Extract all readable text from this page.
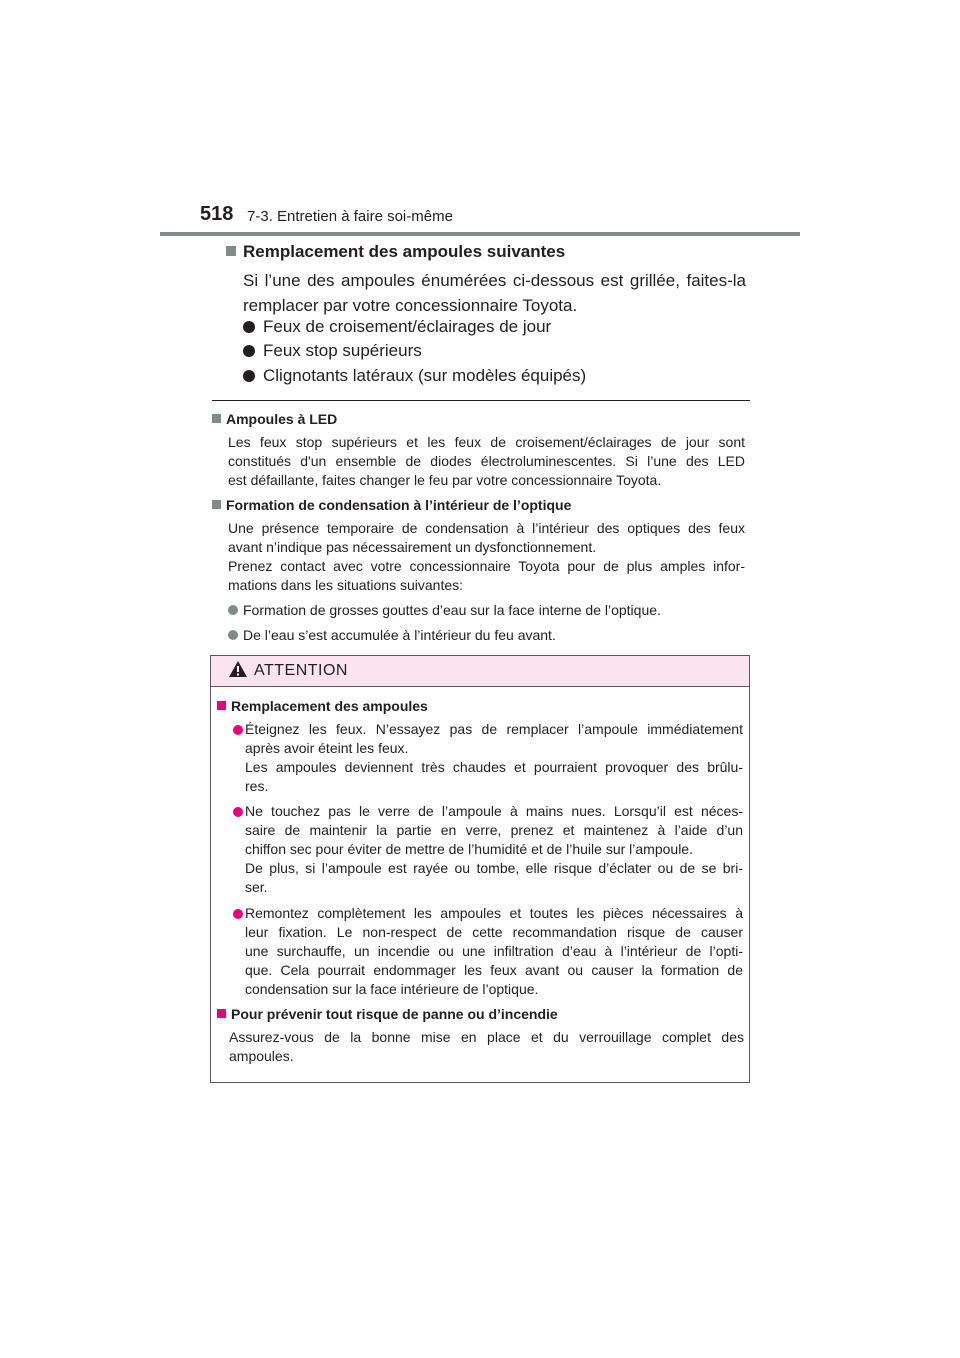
518 7-3. Entretien à faire soi-même
Remplacement des ampoules suivantes
Si l’une des ampoules énumérées ci-dessous est grillée, faites-la
remplacer par votre concessionnaire Toyota.
Feux de croisement/éclairages de jour
Feux stop supérieurs
Clignotants latéraux (sur modèles équipés)
Ampoules à LED
Les feux stop supérieurs et les feux de croisement/éclairages de jour sont
constitués d'un ensemble de diodes électroluminescentes. Si l’une des LED
est défaillante, faites changer le feu par votre concessionnaire Toyota.
Formation de condensation à l’intérieur de l’optique
Une présence temporaire de condensation à l’intérieur des optiques des feux
avant n’indique pas nécessairement un dysfonctionnement.
Prenez contact avec votre concessionnaire Toyota pour de plus amples infor-
mations dans les situations suivantes:
Formation de grosses gouttes d’eau sur la face interne de l’optique.
De l’eau s’est accumulée à l’intérieur du feu avant.
ATTENTION
Remplacement des ampoules
Éteignez les feux. N’essayez pas de remplacer l’ampoule immédiatement
après avoir éteint les feux.
Les ampoules deviennent très chaudes et pourraient provoquer des brûlu-
res.
Ne touchez pas le verre de l’ampoule à mains nues. Lorsqu’il est néces-
saire de maintenir la partie en verre, prenez et maintenez à l’aide d’un
chiffon sec pour éviter de mettre de l’humidité et de l’huile sur l’ampoule.
De plus, si l’ampoule est rayée ou tombe, elle risque d’éclater ou de se bri-
ser.
Remontez complètement les ampoules et toutes les pièces nécessaires à
leur fixation. Le non-respect de cette recommandation risque de causer
une surchauffe, un incendie ou une infiltration d’eau à l’intérieur de l’opti-
que. Cela pourrait endommager les feux avant ou causer la formation de
condensation sur la face intérieure de l’optique.
Pour prévenir tout risque de panne ou d’incendie
Assurez-vous de la bonne mise en place et du verrouillage complet des
ampoules.
